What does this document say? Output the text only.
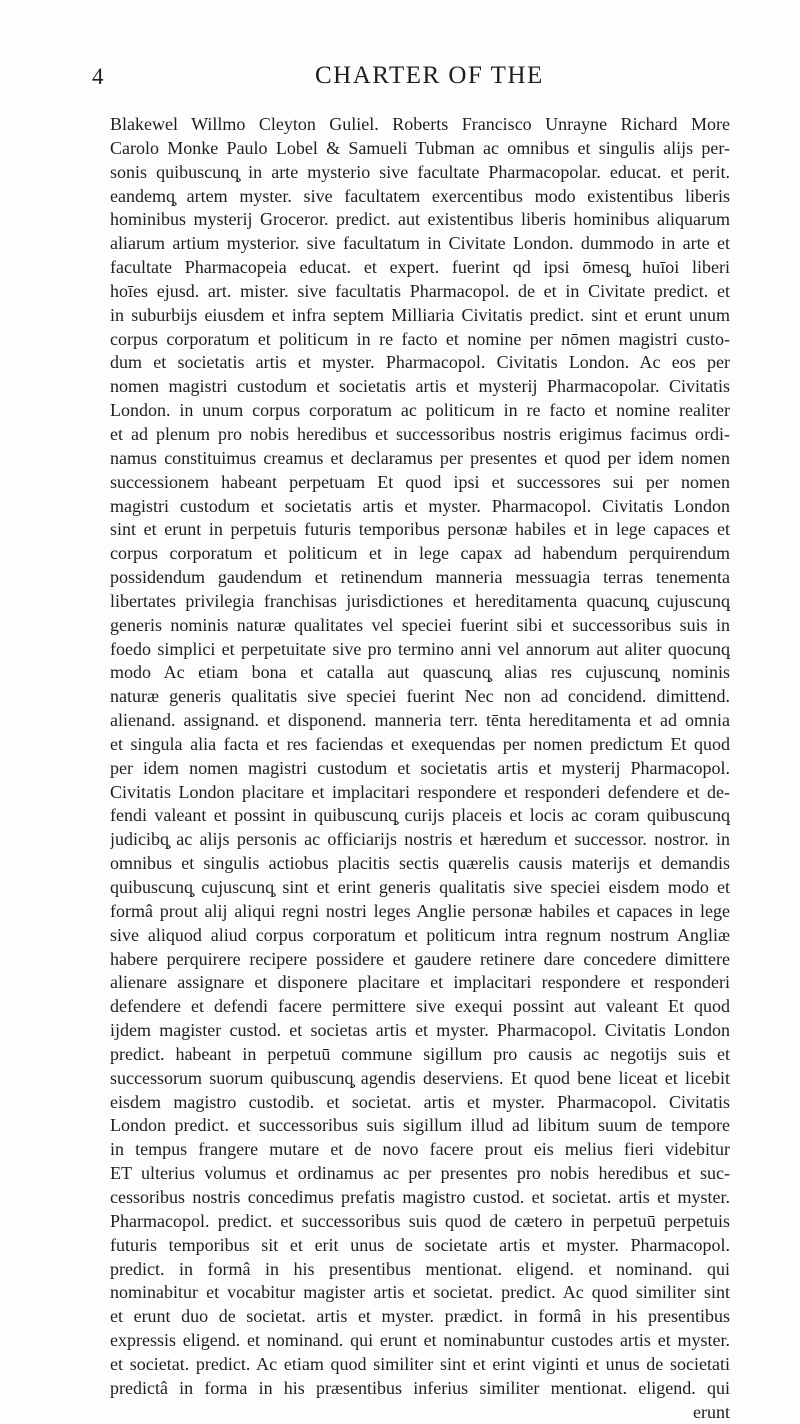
4	CHARTER OF THE
Blakewel Willmo Cleyton Guliel. Roberts Francisco Unrayne Richard More
Carolo Monke Paulo Lobel & Samueli Tubman ac omnibus et singulis alijs per-
sonis quibuscunq̧ in arte mysterio sive facultate Pharmacopolar. educat. et perit.
eandemq̧ artem myster. sive facultatem exercentibus modo existentibus liberis
hominibus mysterij Groceror. predict. aut existentibus liberis hominibus aliquarum
aliarum artium mysterior. sive facultatum in Civitate London. dummodo in arte et
facultate Pharmacopeia educat. et expert. fuerint qd ipsi ōmesq̧ huīoi liberi
hoīes ejusd. art. mister. sive facultatis Pharmacopol. de et in Civitate predict. et
in suburbijs eiusdem et infra septem Milliaria Civitatis predict. sint et erunt unum
corpus corporatum et politicum in re facto et nomine per nōmen magistri custo-
dum et societatis artis et myster. Pharmacopol. Civitatis London. Ac eos per
nomen magistri custodum et societatis artis et mysterij Pharmacopolar. Civitatis
London. in unum corpus corporatum ac politicum in re facto et nomine realiter
et ad plenum pro nobis heredibus et successoribus nostris erigimus facimus ordi-
namus constituimus creamus et declaramus per presentes et quod per idem nomen
successionem habeant perpetuam Et quod ipsi et successores sui per nomen
magistri custodum et societatis artis et myster. Pharmacopol. Civitatis London
sint et erunt in perpetuis futuris temporibus personæ habiles et in lege capaces et
corpus corporatum et politicum et in lege capax ad habendum perquirendum
possidendum gaudendum et retinendum manneria messuagia terras tenementa
libertates privilegia franchisas jurisdictiones et hereditamenta quacunq̧ cujuscunq̧
generis nominis naturæ qualitates vel speciei fuerint sibi et successoribus suis in
foedo simplici et perpetuitate sive pro termino anni vel annorum aut aliter quocunq̧
modo Ac etiam bona et catalla aut quascunq̧ alias res cujuscunq̧ nominis
naturæ generis qualitatis sive speciei fuerint Nec non ad concidend. dimittend.
alienand. assignand. et disponend. manneria terr. tēnta hereditamenta et ad omnia
et singula alia facta et res faciendas et exequendas per nomen predictum Et quod
per idem nomen magistri custodum et societatis artis et mysterij Pharmacopol.
Civitatis London placitare et implacitari respondere et responderi defendere et de-
fendi valeant et possint in quibuscunq̧ curijs placeis et locis ac coram quibuscunq̧
judicibq̧ ac alijs personis ac officiarijs nostris et hæredum et successor. nostror. in
omnibus et singulis actiobus placitis sectis quærelis causis materijs et demandis
quibuscunq̧ cujuscunq̧ sint et erint generis qualitatis sive speciei eisdem modo et
formâ prout alij aliqui regni nostri leges Anglie personæ habiles et capaces in lege
sive aliquod aliud corpus corporatum et politicum intra regnum nostrum Angliæ
habere perquirere recipere possidere et gaudere retinere dare concedere dimittere
alienare assignare et disponere placitare et implacitari respondere et responderi
defendere et defendi facere permittere sive exequi possint aut valeant Et quod
ijdem magister custod. et societas artis et myster. Pharmacopol. Civitatis London
predict. habeant in perpetuū commune sigillum pro causis ac negotijs suis et
successorum suorum quibuscunq̧ agendis deserviens. Et quod bene liceat et licebit
eisdem magistro custodib. et societat. artis et myster. Pharmacopol. Civitatis
London predict. et successoribus suis sigillum illud ad libitum suum de tempore
in tempus frangere mutare et de novo facere prout eis melius fieri videbitur
ET ulterius volumus et ordinamus ac per presentes pro nobis heredibus et suc-
cessoribus nostris concedimus prefatis magistro custod. et societat. artis et myster.
Pharmacopol. predict. et successoribus suis quod de cætero in perpetuū perpetuis
futuris temporibus sit et erit unus de societate artis et myster. Pharmacopol.
predict. in formâ in his presentibus mentionat. eligend. et nominand. qui
nominabitur et vocabitur magister artis et societat. predict. Ac quod similiter sint
et erunt duo de societat. artis et myster. prædict. in formâ in his presentibus
expressis eligend. et nominand. qui erunt et nominabuntur custodes artis et myster.
et societat. predict. Ac etiam quod similiter sint et erint viginti et unus de societati
predictâ in forma in his præsentibus inferius similiter mentionat. eligend. qui
erunt
